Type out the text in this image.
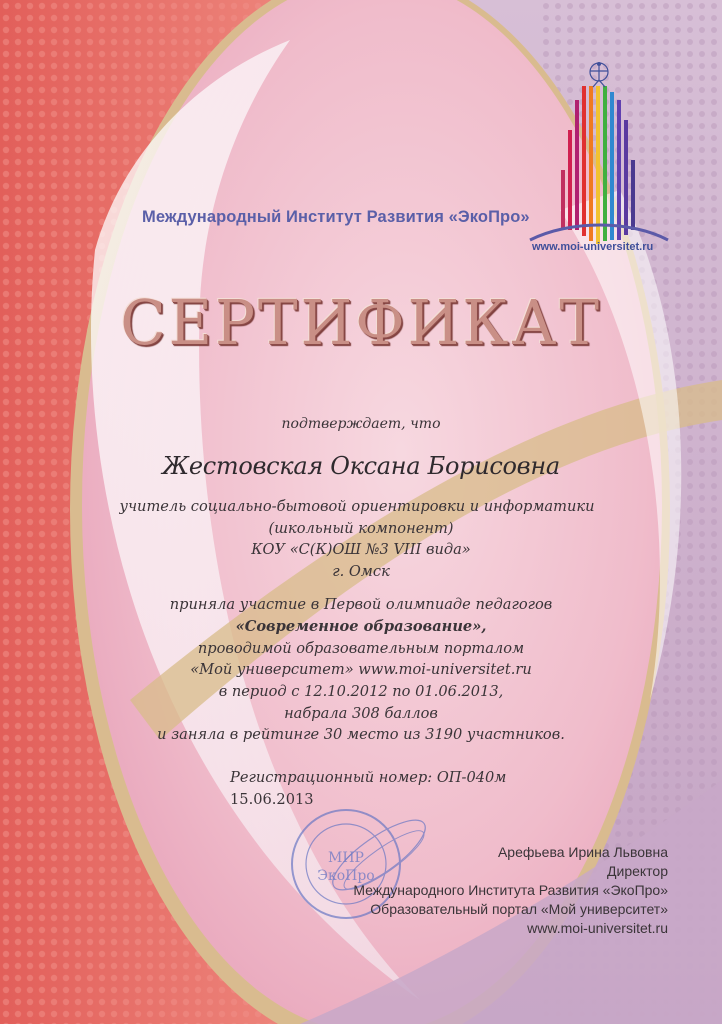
Международный Институт Развития «ЭкоПро»
www.moi-universitet.ru
СЕРТИФИКАТ
подтверждает, что
Жестовская Оксана Борисовна
учитель социально-бытовой ориентировки и информатики
(школьный компонент)
КОУ «С(К)ОШ №3 VIII вида»
г. Омск
приняла участие в Первой олимпиаде педагогов
«Современное образование»,
проводимой образовательным порталом
«Мой университет» www.moi-universitet.ru
в период с 12.10.2012 по 01.06.2013,
набрала 308 баллов
и заняла в рейтинге 30 место из 3190 участников.
Регистрационный номер: ОП-040м
15.06.2013
МИР
ЭкоПро
Арефьева Ирина Львовна
Директор
Международного Института Развития «ЭкоПро»
Образовательный портал «Мой университет»
www.moi-universitet.ru
